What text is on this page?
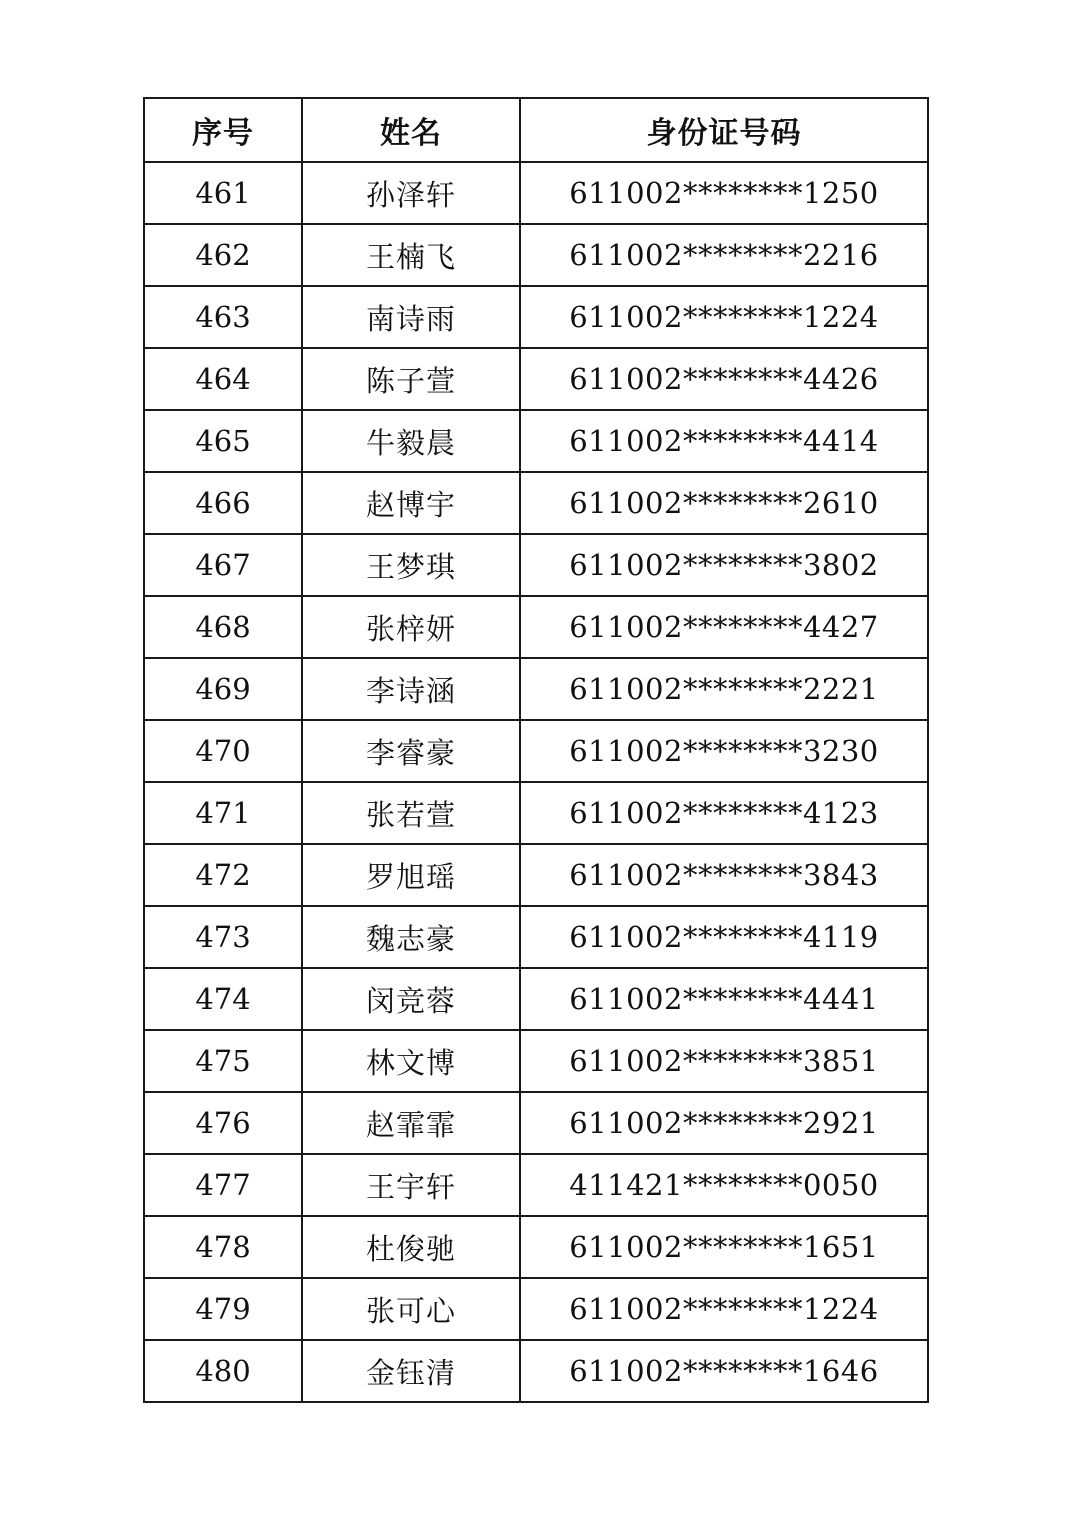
序号	姓名	身份证号码
461	孙泽轩	611002********1250
462	王楠飞	611002********2216
463	南诗雨	611002********1224
464	陈子萱	611002********4426
465	牛毅晨	611002********4414
466	赵博宇	611002********2610
467	王梦琪	611002********3802
468	张梓妍	611002********4427
469	李诗涵	611002********2221
470	李睿豪	611002********3230
471	张若萱	611002********4123
472	罗旭瑶	611002********3843
473	魏志豪	611002********4119
474	闵竞蓉	611002********4441
475	林文博	611002********3851
476	赵霏霏	611002********2921
477	王宇轩	411421********0050
478	杜俊驰	611002********1651
479	张可心	611002********1224
480	金钰清	611002********1646
